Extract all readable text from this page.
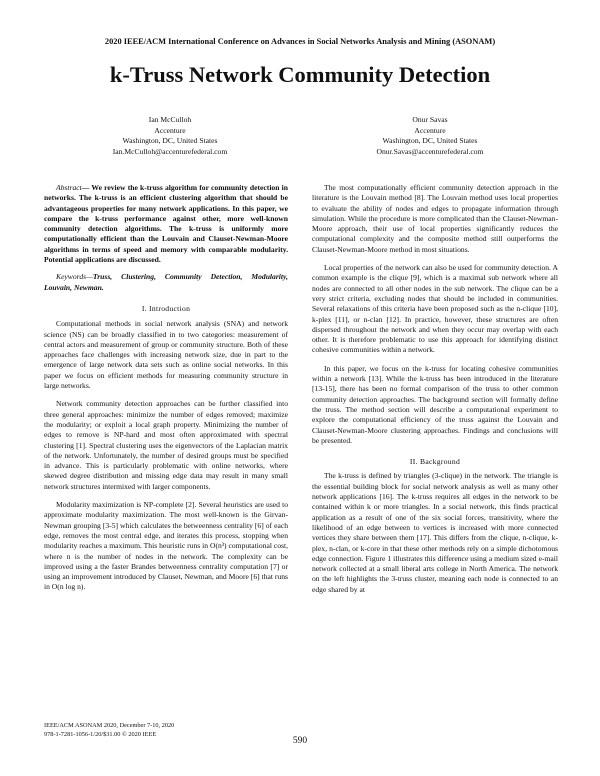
2020 IEEE/ACM International Conference on Advances in Social Networks Analysis and Mining (ASONAM)
k-Truss Network Community Detection
Ian McCulloh
Accenture
Washington, DC, United States
Ian.McCulloh@accenturefederal.com
Onur Savas
Accenture
Washington, DC, United States
Onur.Savas@accenturefederal.com

Abstract— We review the k-truss algorithm for community detection in networks. The k-truss is an efficient clustering algorithm that should be advantageous properties for many network applications. In this paper, we compare the k-truss performance against other, more well-known community detection algorithms. The k-truss is uniformly more computationally efficient than the Louvain and Clauset-Newman-Moore algorithms in terms of speed and memory with comparable modularity. Potential applications are discussed.

Keywords—Truss, Clustering, Community Detection, Modularity, Louvain, Newman.

I. Introduction

Computational methods in social network analysis (SNA) and network science (NS) can be broadly classified in to two categories: measurement of central actors and measurement of group or community structure. Both of these approaches face challenges with increasing network size, due in part to the emergence of large network data sets such as online social networks. In this paper we focus on efficient methods for measuring community structure in large networks.

Network community detection approaches can be further classified into three general approaches: minimize the number of edges removed; maximize the modularity; or exploit a local graph property. Minimizing the number of edges to remove is NP-hard and most often approximated with spectral clustering [1]. Spectral clustering uses the eigenvectors of the Laplacian matrix of the network. Unfortunately, the number of desired groups must be specified in advance. This is particularly problematic with online networks, where skewed degree distribution and missing edge data may result in many small network structures intermixed with larger components.

Modularity maximization is NP-complete [2]. Several heuristics are used to approximate modularity maximization. The most well-known is the Girvan-Newman grouping [3-5] which calculates the betweenness centrality [6] of each edge, removes the most central edge, and iterates this process, stopping when modularity reaches a maximum. This heuristic runs in O(n³) computational cost, where n is the number of nodes in the network. The complexity can be improved using a the faster Brandes betweenness centrality computation [7] or using an improvement introduced by Clauset, Newman, and Moore [6] that runs in O(n log n).

The most computationally efficient community detection approach in the literature is the Louvain method [8]. The Louvain method uses local properties to evaluate the ability of nodes and edges to propagate information through simulation. While the procedure is more complicated than the Clauset-Newman-Moore approach, their use of local properties significantly reduces the computational complexity and the composite method still outperforms the Clauset-Newman-Moore method in most situations.

Local properties of the network can also be used for community detection. A common example is the clique [9], which is a maximal sub network where all nodes are connected to all other nodes in the sub network. The clique can be a very strict criteria, excluding nodes that should be included in communities. Several relaxations of this criteria have been proposed such as the n-clique [10], k-plex [11], or n-clan [12]. In practice, however, these structures are often dispersed throughout the network and when they occur may overlap with each other. It is therefore problematic to use this approach for identifying distinct cohesive communities within a network.

In this paper, we focus on the k-truss for locating cohesive communities within a network [13]. While the k-truss has been introduced in the literature [13-15], there has been no formal comparison of the truss to other common community detection approaches. The background section will formally define the truss. The method section will describe a computational experiment to explore the computational efficiency of the truss against the Louvain and Clauset-Newman-Moore clustering approaches. Findings and conclusions will be presented.

II. Background

The k-truss is defined by triangles (3-clique) in the network. The triangle is the essential building block for social network analysis as well as many other network applications [16]. The k-truss requires all edges in the network to be contained within k or more triangles. In a social network, this finds practical application as a result of one of the six social forces, transitivity, where the likelihood of an edge between to vertices is increased with more connected vertices they share between them [17]. This differs from the clique, n-clique, k-plex, n-clan, or k-core in that these other methods rely on a simple dichotomous edge connection. Figure 1 illustrates this difference using a medium sized e-mail network collected at a small liberal arts college in North America. The network on the left highlights the 3-truss cluster, meaning each node is connected to an edge shared by at

IEEE/ACM ASONAM 2020, December 7-10, 2020
978-1-7281-1056-1/20/$31.00 © 2020 IEEE
590
